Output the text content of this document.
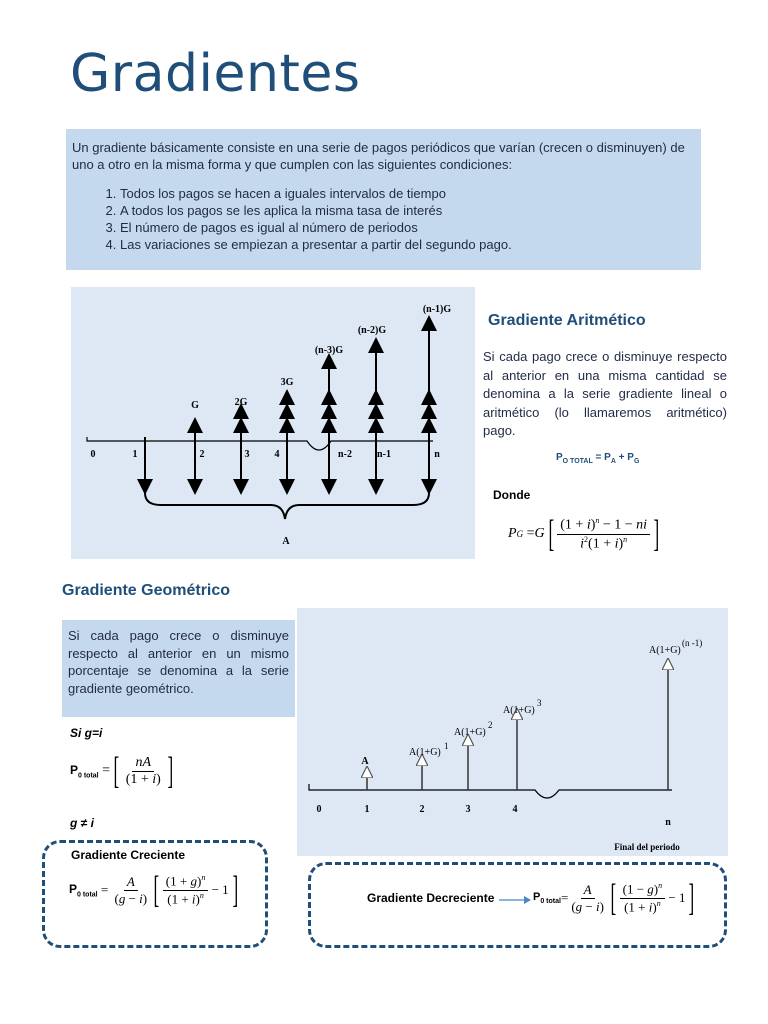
Gradientes

Un gradiente básicamente consiste en una serie de pagos periódicos que varían (crecen o disminuyen) de uno a otro en la misma forma y que cumplen con las siguientes condiciones:

1. Todos los pagos se hacen a iguales intervalos de tiempo
2. A todos los pagos se les aplica la misma tasa de interés
3. El número de pagos es igual al número de periodos
4. Las variaciones se empiezan a presentar a partir del segundo pago.
G	2G
3G
(n-3)G
(n-2)G
(n-1)G
0	1	2	3	4	n-2	n-1	n
A
Gradiente Aritmético
Si cada pago crece o disminuye respecto al anterior en una misma cantidad se denomina a la serie gradiente lineal o aritmético (lo llamaremos aritmético) pago.
$P_{O TOTAL} = P_A + P_G$
Donde
P G = G [ $\frac{(1 + i)^n - 1 - ni}{i^2(1 + i)^n}$ ]
Gradiente Geométrico
Si cada pago crece o disminuye respecto al anterior en un mismo porcentaje se denomina a la serie gradiente geométrico.
Si g=i
$P_{0 total}$ = [ $\frac{nA}{(1 + i)}$ ]
g ≠ i
Gradiente Creciente
$P_{0 total} = \frac{A}{(g - i)}$ [ $\frac{(1 + g)^n}{(1 + i)^n} - 1$ ]
A
A(1+G)
1
A(1+G)
2
A(1+G)
3
A(1+G)
(n -1)
0	1	2	3	4
n
Final del periodo
Gradiente Decreciente	$P_{0 total} = \frac{A}{(g - i)}$ [ $\frac{(1 - g)^n}{(1 + i)^n} - 1$ ]
